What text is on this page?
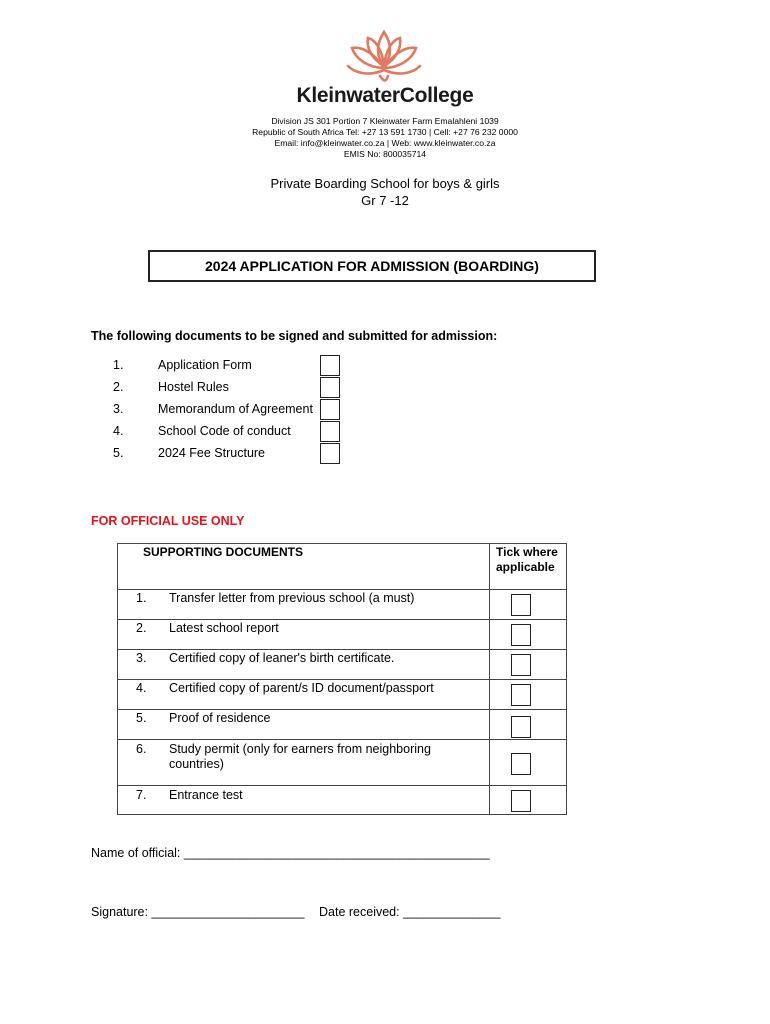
KleinwaterCollege
Division JS 301 Portion 7 Kleinwater Farm Emalahleni 1039
Republic of South Africa Tel: +27 13 591 1730 | Cell: +27 76 232 0000
Email: info@kleinwater.co.za | Web: www.kleinwater.co.za
EMIS No: 800035714
Private Boarding School for boys & girls
Gr 7 -12
2024 APPLICATION FOR ADMISSION (BOARDING)
The following documents to be signed and submitted for admission:
1.	Application Form
2.	Hostel Rules
3.	Memorandum of Agreement
4.	School Code of conduct
5.	2024 Fee Structure
FOR OFFICIAL USE ONLY
SUPPORTING DOCUMENTS	Tick where applicable
1. Transfer letter from previous school (a must)
2. Latest school report
3. Certified copy of leaner's birth certificate.
4. Certified copy of parent/s ID document/passport
5. Proof of residence
6. Study permit (only for earners from neighboring countries)
7. Entrance test
Name of official: ____________________________________________
Signature: ______________________ Date received: ______________
